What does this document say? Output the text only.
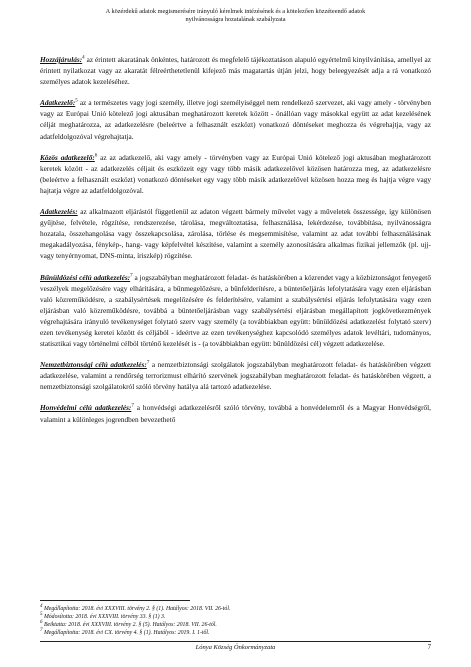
A közérdekű adatok megismerésére irányuló kérelmek intézésének és a kötelezően közzéteendő adatok
nyilvánosságra hozatalának szabályzata

Hozzájárulás:$^4$ az érintett akaratának önkéntes, határozott és megfelelő tájékoztatáson alapuló egyértelmű kinyilvánítása, amellyel az érintett nyilatkozat vagy az akaratát félreérthetetlenül kifejező más magatartás útján jelzi, hogy beleegyezését adja a rá vonatkozó személyes adatok kezeléséhez.

Adatkezelő:$^5$ az a természetes vagy jogi személy, illetve jogi személyiséggel nem rendelkező szervezet, aki vagy amely - törvényben vagy az Európai Unió kötelező jogi aktusában meghatározott keretek között - önállóan vagy másokkal együtt az adat kezelésének célját meghatározza, az adatkezelésre (beleértve a felhasznált eszközt) vonatkozó döntéseket meghozza és végrehajtja, vagy az adatfeldolgozóval végrehajtatja.

Közös adatkezelő:$^6$ az az adatkezelő, aki vagy amely - törvényben vagy az Európai Unió kötelező jogi aktusában meghatározott keretek között - az adatkezelés céljait és eszközeit egy vagy több másik adatkezelővel közösen határozza meg, az adatkezelésre (beleértve a felhasznált eszközt) vonatkozó döntéseket egy vagy több másik adatkezelővel közösen hozza meg és hajtja végre vagy hajtatja végre az adatfeldolgozóval.

Adatkezelés: az alkalmazott eljárástól függetlenül az adaton végzett bármely művelet vagy a műveletek összessége, így különösen gyűjtése, felvétele, rögzítése, rendszerezése, tárolása, megváltoztatása, felhasználása, lekérdezése, továbbítása, nyilvánosságra hozatala, összehangolása vagy összekapcsolása, zárolása, törlése és megsemmisítése, valamint az adat további felhasználásának megakadályozása, fénykép-, hang- vagy képfelvétel készítése, valamint a személy azonosítására alkalmas fizikai jellemzők (pl. ujj- vagy tenyérnyomat, DNS-minta, íriszkép) rögzítése.

Bűnüldözési célú adatkezelés:$^7$ a jogszabályban meghatározott feladat- és hatáskörében a közrendet vagy a közbiztonságot fenyegető veszélyek megelőzésére vagy elhárítására, a bűnmegelőzésre, a bűnfelderítésre, a büntetőeljárás lefolytatására vagy ezen eljárásban való közreműködésre, a szabálysértések megelőzésére és felderítésére, valamint a szabálysértési eljárás lefolytatására vagy ezen eljárásban való közreműködésre, továbbá a büntetőeljárásban vagy szabálysértési eljárásban megállapított jogkövetkezmények végrehajtására irányuló tevékenységet folytató szerv vagy személy (a továbbiakban együtt: bűnüldözési adatkezelést folytató szerv) ezen tevékenység keretei között és céljából - ideértve az ezen tevékenységhez kapcsolódó személyes adatok levéltári, tudományos, statisztikai vagy történelmi célból történő kezelését is - (a továbbiakban együtt: bűnüldözési cél) végzett adatkezelése.

Nemzetbiztonsági célú adatkezelés:$^7$ a nemzetbiztonsági szolgálatok jogszabályban meghatározott feladat- és hatáskörében végzett adatkezelése, valamint a rendőrség terrorizmust elhárító szervének jogszabályban meghatározott feladat- és hatáskörében végzett, a nemzetbiztonsági szolgálatokról szóló törvény hatálya alá tartozó adatkezelése.

Honvédelmi célú adatkezelés:$^7$ a honvédségi adatkezelésről szóló törvény, továbbá a honvédelemről és a Magyar Honvédségről, valamint a különleges jogrendben bevezethető

$^4$ Megállapította: 2018. évi XXXVIII. törvény 2. § (1). Hatályos: 2018. VII. 26-tól.
$^5$ Módosította: 2018. évi XXXVIII. törvény 33. § (1) 3.
$^6$ Beiktatta: 2018. évi XXXVIII. törvény 2. § (5). Hatályos: 2018. VII. 26-tól.
$^7$ Megállapította: 2018. évi CX. törvény 4. § (1). Hatályos: 2019. I. 1-től.
Lónya Község Önkormányzata	7
